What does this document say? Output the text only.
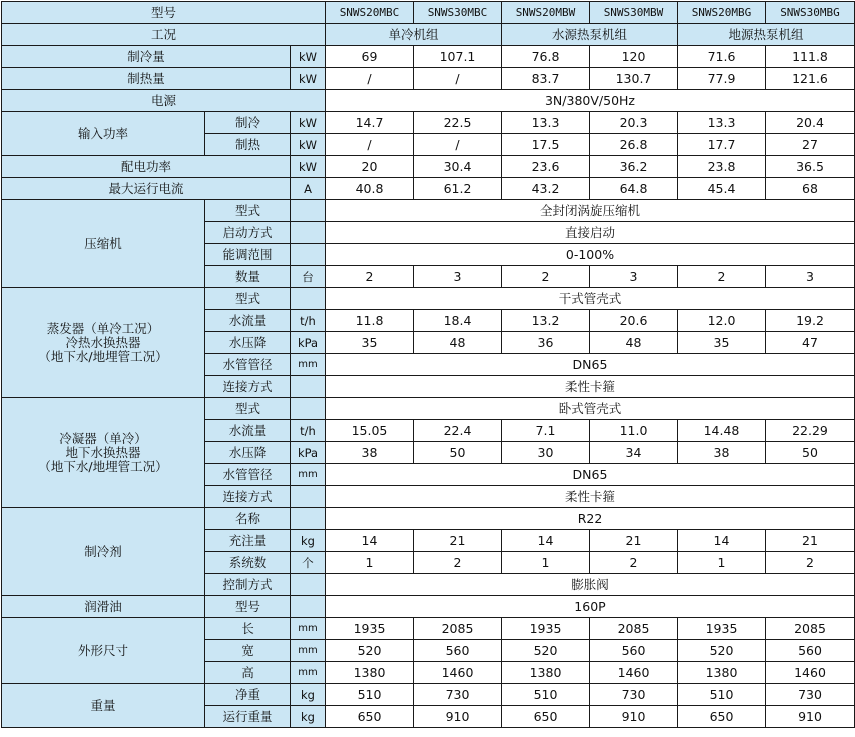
型号			SNWS20MBC	SNWS30MBC	SNWS20MBW	SNWS30MBW	SNWS20MBG	SNWS30MBG
工况			单冷机组		水源热泵机组		地源热泵机组	
制冷量		kW	69	107.1	76.8	120	71.6	111.8
制热量		kW	/	/	83.7	130.7	77.9	121.6
电源			3N/380V/50Hz					
输入功率	制冷	kW	14.7	22.5	13.3	20.3	13.3	20.4
	制热	kW	/	/	17.5	26.8	17.7	27
配电功率		kW	20	30.4	23.6	36.2	23.8	36.5
最大运行电流		A	40.8	61.2	43.2	64.8	45.4	68
压缩机	型式		全封闭涡旋压缩机					
	启动方式		直接启动					
	能调范围		0-100%					
	数量	台	2	3	2	3	2	3
蒸发器（单冷工况）
冷热水换热器
（地下水/地埋管工况）	型式		干式管壳式					
	水流量	t/h	11.8	18.4	13.2	20.6	12.0	19.2
	水压降	kPa	35	48	36	48	35	47
	水管管径	mm	DN65					
	连接方式		柔性卡箍					
冷凝器（单冷）
地下水换热器
（地下水/地埋管工况）	型式		卧式管壳式					
	水流量	t/h	15.05	22.4	7.1	11.0	14.48	22.29
	水压降	kPa	38	50	30	34	38	50
	水管管径	mm	DN65					
	连接方式		柔性卡箍					
制冷剂	名称		R22					
	充注量	kg	14	21	14	21	14	21
	系统数	个	1	2	1	2	1	2
	控制方式		膨胀阀					
润滑油	型号		160P					
外形尺寸	长	mm	1935	2085	1935	2085	1935	2085
	宽	mm	520	560	520	560	520	560
	高	mm	1380	1460	1380	1460	1380	1460
重量	净重	kg	510	730	510	730	510	730
	运行重量	kg	650	910	650	910	650	910
